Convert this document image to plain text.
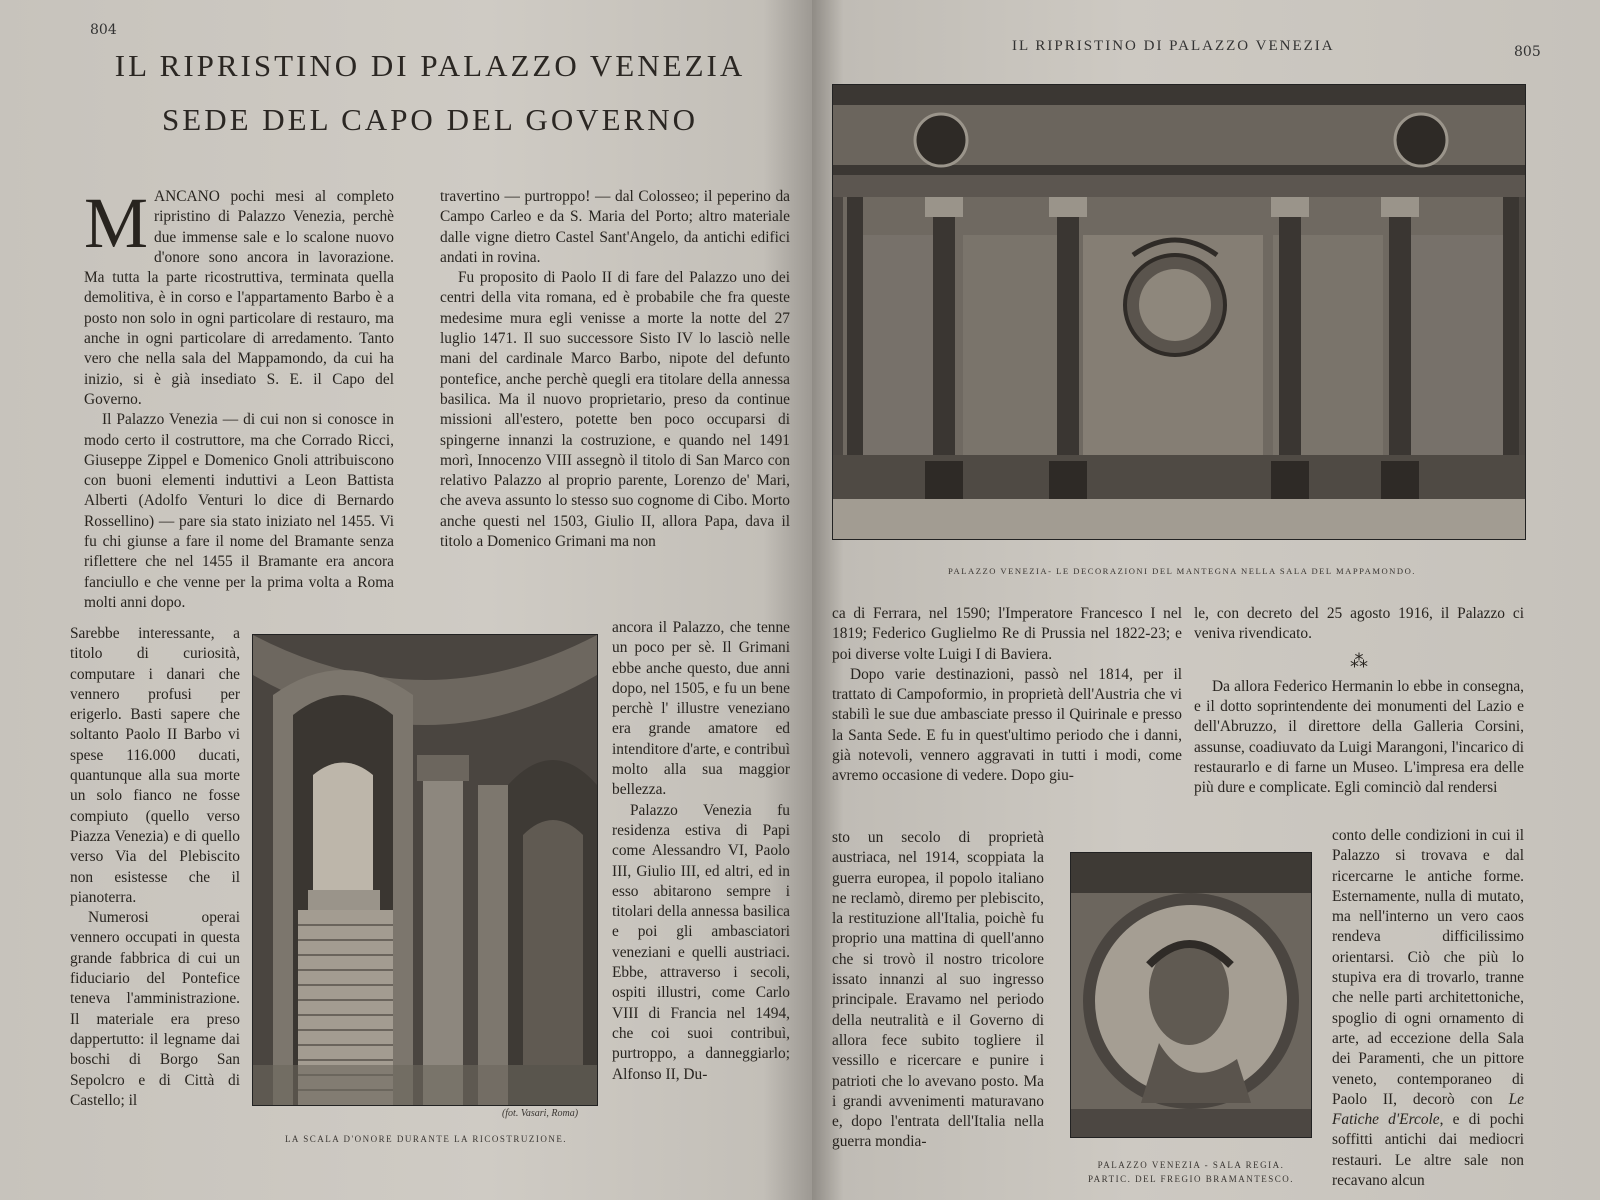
804
IL RIPRISTINO DI PALAZZO VENEZIA
SEDE DEL CAPO DEL GOVERNO

MANCANO pochi mesi al completo ripristino di Palazzo Venezia, perchè due immense sale e lo scalone nuovo d'onore sono ancora in lavorazione. Ma tutta la parte ricostruttiva, terminata quella demolitiva, è in corso e l'appartamento Barbo è a posto non solo in ogni particolare di restauro, ma anche in ogni particolare di arredamento. Tanto vero che nella sala del Mappamondo, da cui ha inizio, si è già insediato S. E. il Capo del Governo.

Il Palazzo Venezia — di cui non si conosce in modo certo il costruttore, ma che Corrado Ricci, Giuseppe Zippel e Domenico Gnoli attribuiscono con buoni elementi induttivi a Leon Battista Alberti (Adolfo Venturi lo dice di Bernardo Rossellino) — pare sia stato iniziato nel 1455. Vi fu chi giunse a fare il nome del Bramante senza riflettere che nel 1455 il Bramante era ancora fanciullo e che venne per la prima volta a Roma molti anni dopo.

Sarebbe interessante, a titolo di curiosità, computare i danari che vennero profusi per erigerlo. Basti sapere che soltanto Paolo II Barbo vi spese 116.000 ducati, quantunque alla sua morte un solo fianco ne fosse compiuto (quello verso Piazza Venezia) e di quello verso Via del Plebiscito non esistesse che il pianoterra.

Numerosi operai vennero occupati in questa grande fabbrica di cui un fiduciario del Pontefice teneva l'amministrazione. Il materiale era preso dappertutto: il legname dai boschi di Borgo San Sepolcro e di Città di Castello; il

travertino — purtroppo! — dal Colosseo; il peperino da Campo Carleo e da S. Maria del Porto; altro materiale dalle vigne dietro Castel Sant'Angelo, da antichi edifici andati in rovina.

Fu proposito di Paolo II di fare del Palazzo uno dei centri della vita romana, ed è probabile che fra queste medesime mura egli venisse a morte la notte del 27 luglio 1471. Il suo successore Sisto IV lo lasciò nelle mani del cardinale Marco Barbo, nipote del defunto pontefice, anche perchè quegli era titolare della annessa basilica. Ma il nuovo proprietario, preso da continue missioni all'estero, potette ben poco occuparsi di spingerne innanzi la costruzione, e quando nel 1491 morì, Innocenzo VIII assegnò il titolo di San Marco con relativo Palazzo al proprio parente, Lorenzo de' Mari, che aveva assunto lo stesso suo cognome di Cibo. Morto anche questi nel 1503, Giulio II, allora Papa, dava il titolo a Domenico Grimani ma non

ancora il Palazzo, che tenne un poco per sè. Il Grimani ebbe anche questo, due anni dopo, nel 1505, e fu un bene perchè l' illustre veneziano era grande amatore ed intenditore d'arte, e contribuì molto alla sua maggior bellezza.

Palazzo Venezia fu residenza estiva di Papi come Alessandro VI, Paolo III, Giulio III, ed altri, ed in esso abitarono sempre i titolari della annessa basilica e poi gli ambasciatori veneziani e quelli austriaci. Ebbe, attraverso i secoli, ospiti illustri, come Carlo VIII di Francia nel 1494, che coi suoi contribuì, purtroppo, a danneggiarlo; Alfonso II, Du-

(fot. Vasari, Roma)
LA SCALA D'ONORE DURANTE LA RICOSTRUZIONE.
IL RIPRISTINO DI PALAZZO VENEZIA	805
PALAZZO VENEZIA- LE DECORAZIONI DEL MANTEGNA NELLA SALA DEL MAPPAMONDO.

ca di Ferrara, nel 1590; l'Imperatore Francesco I nel 1819; Federico Guglielmo Re di Prussia nel 1822-23; e poi diverse volte Luigi I di Baviera.

Dopo varie destinazioni, passò nel 1814, per il trattato di Campoformio, in proprietà dell'Austria che vi stabilì le sue due ambasciate presso il Quirinale e presso la Santa Sede. E fu in quest'ultimo periodo che i danni, già notevoli, vennero aggravati in tutti i modi, come avremo occasione di vedere. Dopo giu-

sto un secolo di proprietà austriaca, nel 1914, scoppiata la guerra europea, il popolo italiano ne reclamò, diremo per plebiscito, la restituzione all'Italia, poichè fu proprio una mattina di quell'anno che si trovò il nostro tricolore issato innanzi al suo ingresso principale. Eravamo nel periodo della neutralità e il Governo di allora fece subito togliere il vessillo e ricercare e punire i patrioti che lo avevano posto. Ma i grandi avvenimenti maturavano e, dopo l'entrata dell'Italia nella guerra mondia-

le, con decreto del 25 agosto 1916, il Palazzo ci veniva rivendicato.

⁂

Da allora Federico Hermanin lo ebbe in consegna, e il dotto soprintendente dei monumenti del Lazio e dell'Abruzzo, il direttore della Galleria Corsini, assunse, coadiuvato da Luigi Marangoni, l'incarico di restaurarlo e di farne un Museo. L'impresa era delle più dure e complicate. Egli cominciò dal rendersi

conto delle condizioni in cui il Palazzo si trovava e dal ricercarne le antiche forme. Esternamente, nulla di mutato, ma nell'interno un vero caos rendeva difficilissimo orientarsi. Ciò che più lo stupiva era di trovarlo, tranne che nelle parti architettoniche, spoglio di ogni ornamento di arte, ad eccezione della Sala dei Paramenti, che un pittore veneto, contemporaneo di Paolo II, decorò con Le Fatiche d'Ercole, e di pochi soffitti antichi dai mediocri restauri. Le altre sale non recavano alcun

PALAZZO VENEZIA - SALA REGIA.
PARTIC. DEL FREGIO BRAMANTESCO.
